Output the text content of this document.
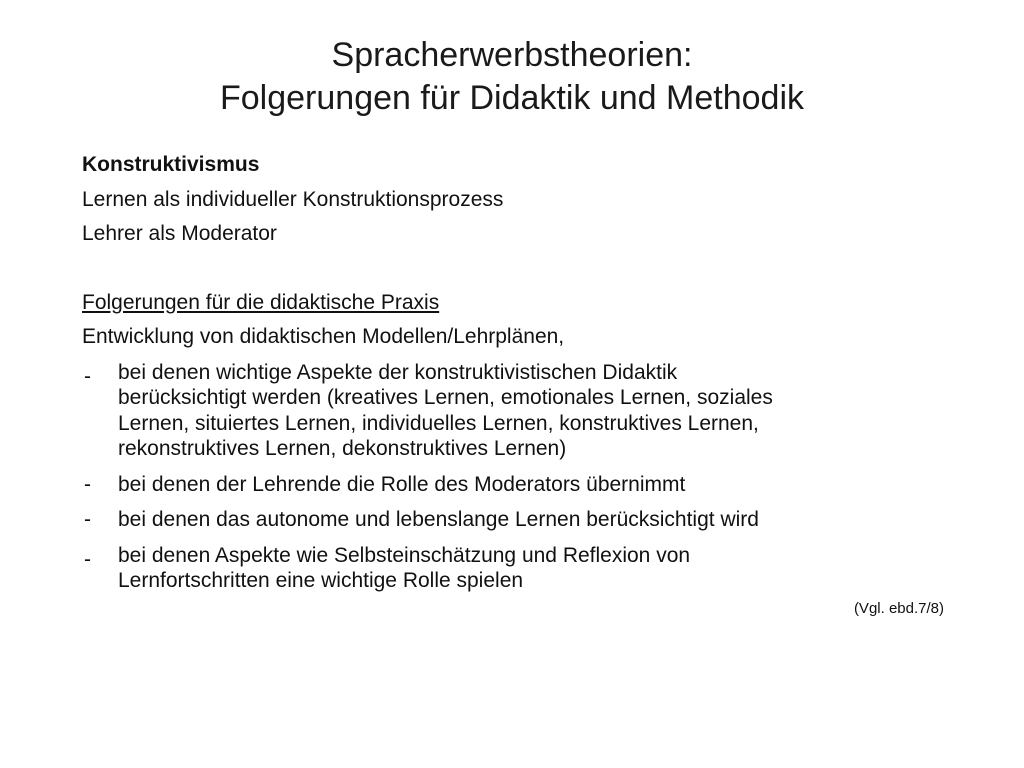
Spracherwerbstheorien:
Folgerungen für Didaktik und Methodik
Konstruktivismus
Lernen als individueller Konstruktionsprozess
Lehrer als Moderator
Folgerungen für die didaktische Praxis
Entwicklung von didaktischen Modellen/Lehrplänen,
-	bei denen wichtige Aspekte der konstruktivistischen Didaktik
berücksichtigt werden (kreatives Lernen, emotionales Lernen, soziales
Lernen, situiertes Lernen, individuelles Lernen, konstruktives Lernen,
rekonstruktives Lernen, dekonstruktives Lernen)
-	bei denen der Lehrende die Rolle des Moderators übernimmt
-	bei denen das autonome und lebenslange Lernen berücksichtigt wird
-	bei denen Aspekte wie Selbsteinschätzung und Reflexion von
Lernfortschritten eine wichtige Rolle spielen
(Vgl. ebd.7/8)
